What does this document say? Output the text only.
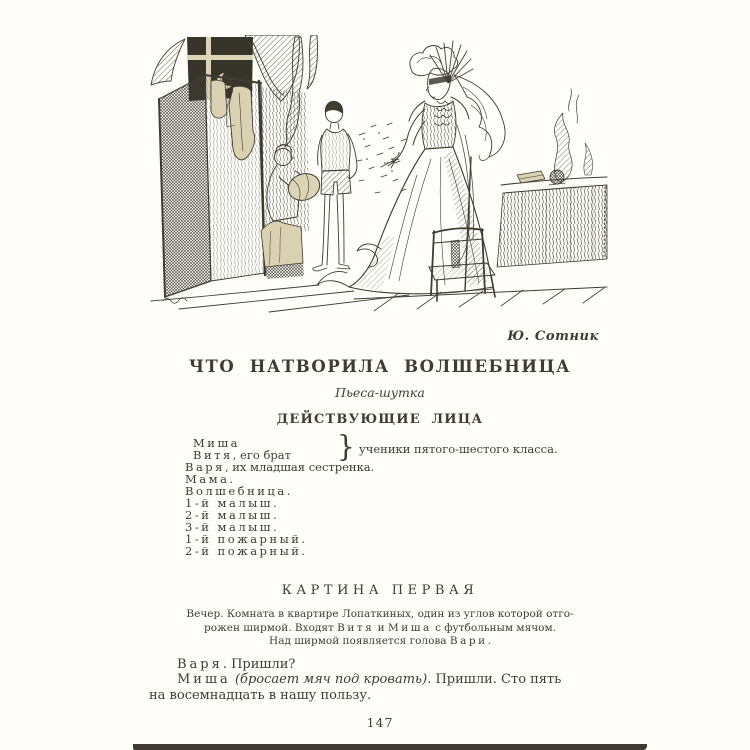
Ю. Сотник
ЧТО НАТВОРИЛА ВОЛШЕБНИЦА
Пьеса-шутка
ДЕЙСТВУЮЩИЕ ЛИЦА
Миша
Витя, его брат
Варя, их младшая сестренка.
Мама.
Волшебница.
1-й малыш.
2-й малыш.
3-й малыш.
1-й пожарный.
2-й пожарный.
} ученики пятого-шестого класса.
КАРТИНА ПЕРВАЯ
Вечер. Комната в квартире Лопаткиных, один из углов которой отго-
рожен ширмой. Входят Витя и Миша с футбольным мячом.
Над ширмой появляется голова Вари.

Варя. Пришли?

Миша (бросает мяч под кровать). Пришли. Сто пять
на восемнадцать в нашу пользу.

147
